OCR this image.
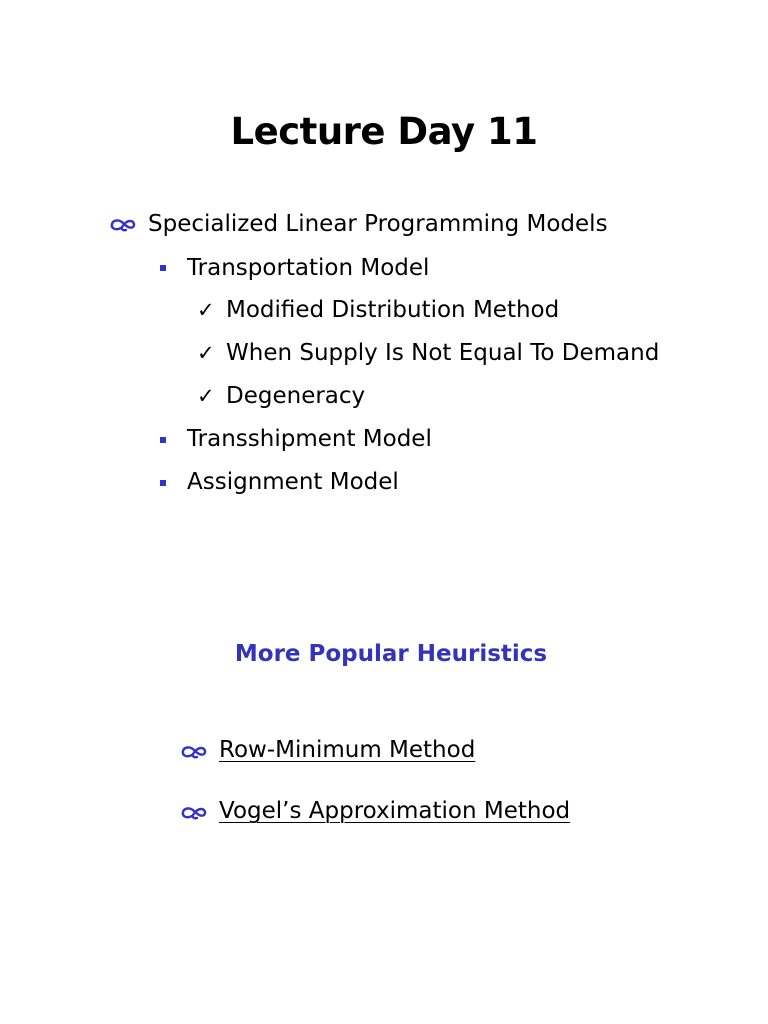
Lecture Day 11
Specialized Linear Programming Models
Transportation Model
✓ Modified Distribution Method
✓ When Supply Is Not Equal To Demand
✓ Degeneracy
Transshipment Model
Assignment Model
More Popular Heuristics
Row-Minimum Method
Vogel’s Approximation Method
